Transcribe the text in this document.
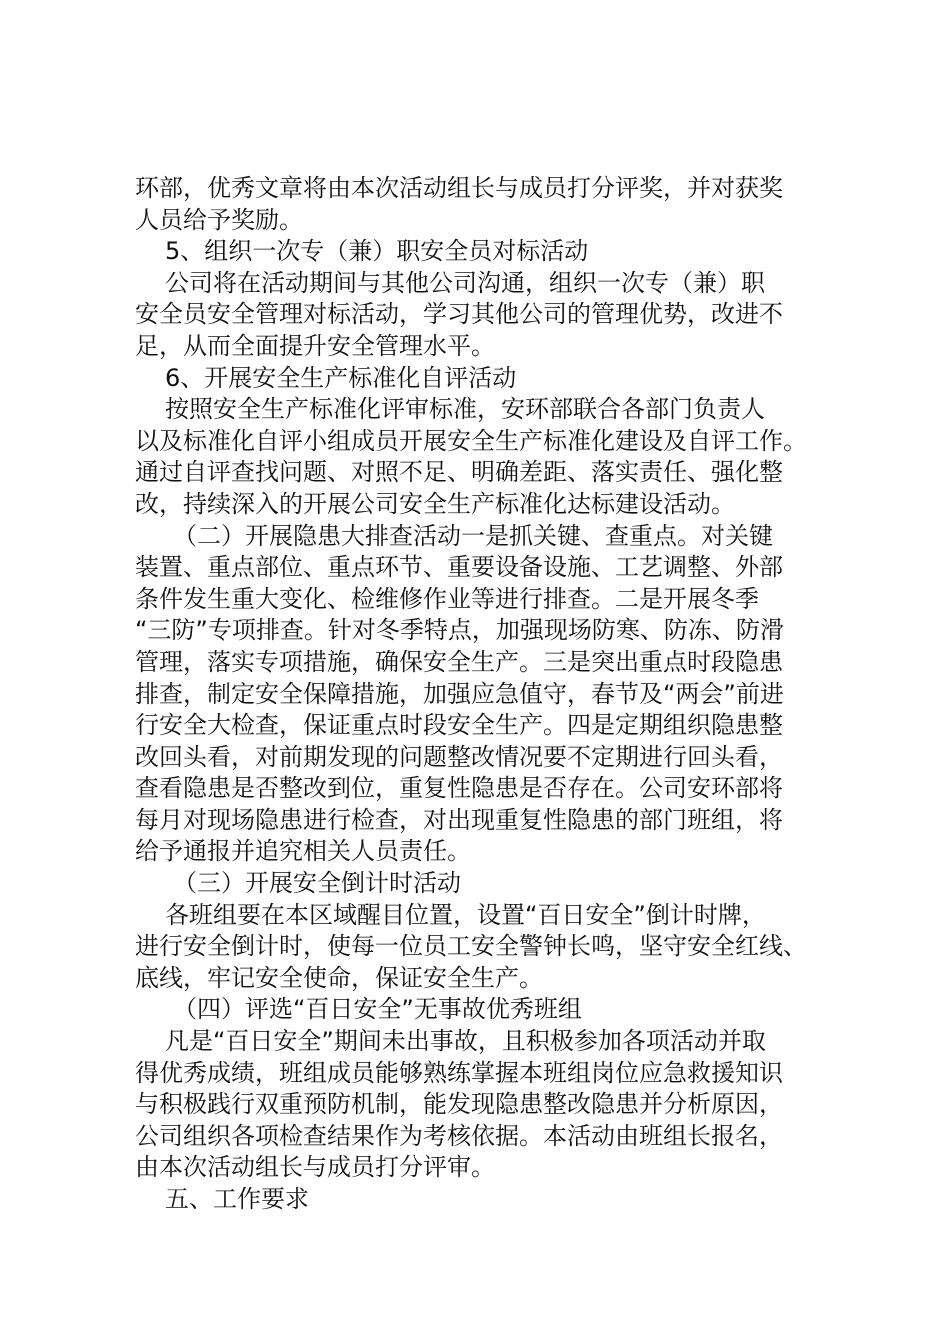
环部，优秀文章将由本次活动组长与成员打分评奖，并对获奖
人员给予奖励。
5、组织一次专（兼）职安全员对标活动
公司将在活动期间与其他公司沟通，组织一次专（兼）职
安全员安全管理对标活动，学习其他公司的管理优势，改进不
足，从而全面提升安全管理水平。
6、开展安全生产标准化自评活动
按照安全生产标准化评审标准，安环部联合各部门负责人
以及标准化自评小组成员开展安全生产标准化建设及自评工作。
通过自评查找问题、对照不足、明确差距、落实责任、强化整
改，持续深入的开展公司安全生产标准化达标建设活动。
（二）开展隐患大排查活动一是抓关键、查重点。对关键
装置、重点部位、重点环节、重要设备设施、工艺调整、外部
条件发生重大变化、检维修作业等进行排查。二是开展冬季
“三防”专项排查。针对冬季特点，加强现场防寒、防冻、防滑
管理，落实专项措施，确保安全生产。三是突出重点时段隐患
排查，制定安全保障措施，加强应急值守，春节及“两会”前进
行安全大检查，保证重点时段安全生产。四是定期组织隐患整
改回头看，对前期发现的问题整改情况要不定期进行回头看，
查看隐患是否整改到位，重复性隐患是否存在。公司安环部将
每月对现场隐患进行检查，对出现重复性隐患的部门班组，将
给予通报并追究相关人员责任。
（三）开展安全倒计时活动
各班组要在本区域醒目位置，设置“百日安全”倒计时牌，
进行安全倒计时，使每一位员工安全警钟长鸣，坚守安全红线、
底线，牢记安全使命，保证安全生产。
（四）评选“百日安全”无事故优秀班组
凡是“百日安全”期间未出事故，且积极参加各项活动并取
得优秀成绩，班组成员能够熟练掌握本班组岗位应急救援知识
与积极践行双重预防机制，能发现隐患整改隐患并分析原因，
公司组织各项检查结果作为考核依据。本活动由班组长报名，
由本次活动组长与成员打分评审。
五、工作要求
